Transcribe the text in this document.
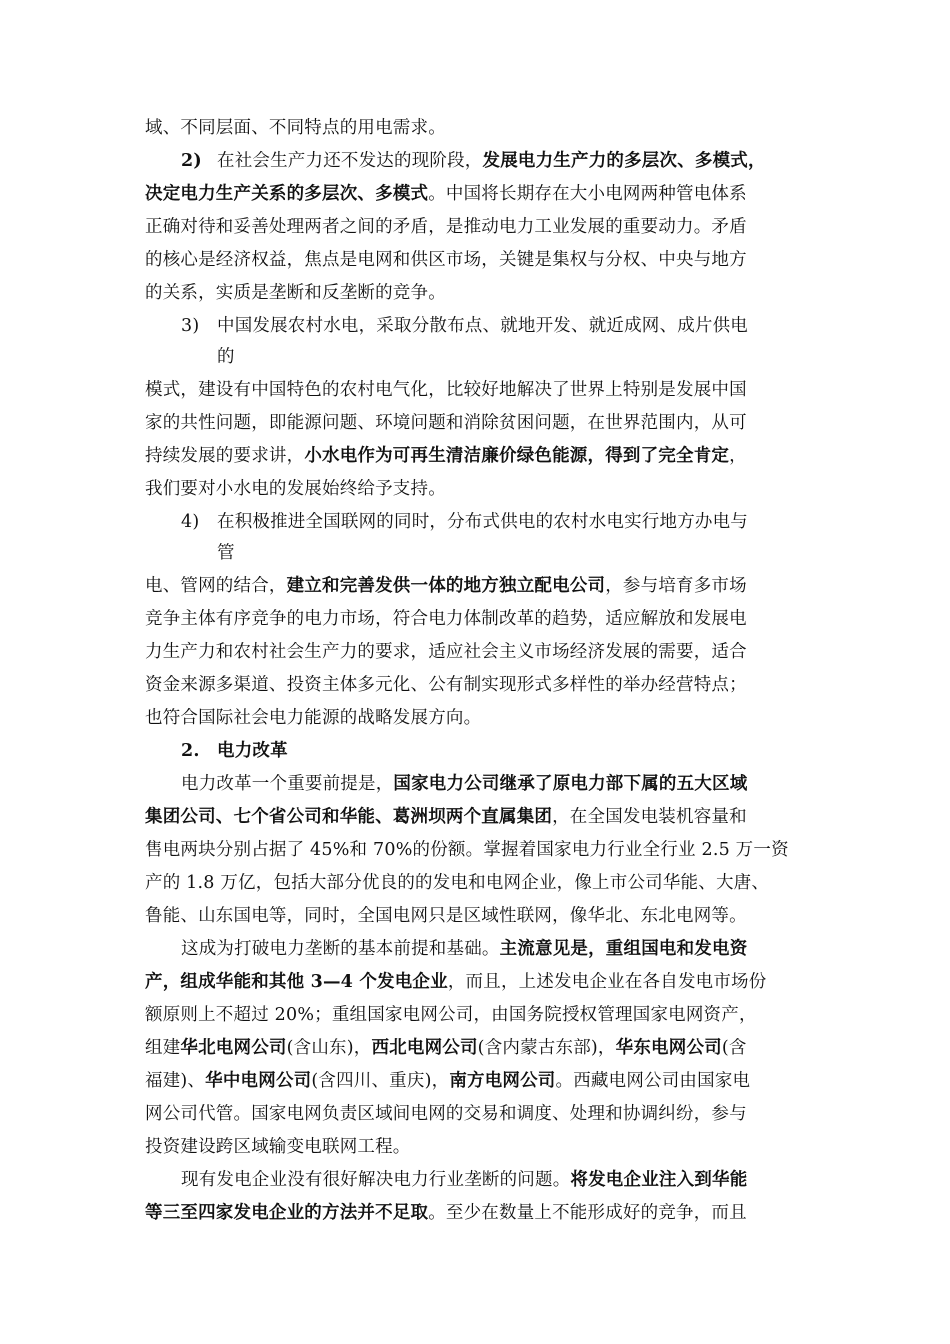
域、不同层面、不同特点的用电需求。
2) 在社会生产力还不发达的现阶段，发展电力生产力的多层次、多模式，
决定电力生产关系的多层次、多模式。中国将长期存在大小电网两种管电体系
正确对待和妥善处理两者之间的矛盾，是推动电力工业发展的重要动力。矛盾
的核心是经济权益，焦点是电网和供区市场，关键是集权与分权、中央与地方
的关系，实质是垄断和反垄断的竞争。
3) 中国发展农村水电，采取分散布点、就地开发、就近成网、成片供电
的
模式，建设有中国特色的农村电气化，比较好地解决了世界上特别是发展中国
家的共性问题，即能源问题、环境问题和消除贫困问题，在世界范围内，从可
持续发展的要求讲，小水电作为可再生清洁廉价绿色能源，得到了完全肯定，
我们要对小水电的发展始终给予支持。
4) 在积极推进全国联网的同时，分布式供电的农村水电实行地方办电与
管
电、管网的结合，建立和完善发供一体的地方独立配电公司，参与培育多市场
竞争主体有序竞争的电力市场，符合电力体制改革的趋势，适应解放和发展电
力生产力和农村社会生产力的要求，适应社会主义市场经济发展的需要，适合
资金来源多渠道、投资主体多元化、公有制实现形式多样性的举办经营特点；
也符合国际社会电力能源的战略发展方向。
2. 电力改革
电力改革一个重要前提是，国家电力公司继承了原电力部下属的五大区域
集团公司、七个省公司和华能、葛洲坝两个直属集团，在全国发电装机容量和
售电两块分别占据了 45%和 70%的份额。掌握着国家电力行业全行业 2.5 万一资
产的 1.8 万亿，包括大部分优良的的发电和电网企业，像上市公司华能、大唐、
鲁能、山东国电等，同时，全国电网只是区域性联网，像华北、东北电网等。
这成为打破电力垄断的基本前提和基础。主流意见是，重组国电和发电资
产，组成华能和其他 3—4 个发电企业，而且，上述发电企业在各自发电市场份
额原则上不超过 20%；重组国家电网公司，由国务院授权管理国家电网资产，
组建华北电网公司(含山东)，西北电网公司(含内蒙古东部)，华东电网公司(含
福建)、华中电网公司(含四川、重庆)，南方电网公司。西藏电网公司由国家电
网公司代管。国家电网负责区域间电网的交易和调度、处理和协调纠纷，参与
投资建设跨区域输变电联网工程。
现有发电企业没有很好解决电力行业垄断的问题。将发电企业注入到华能
等三至四家发电企业的方法并不足取。至少在数量上不能形成好的竞争，而且
